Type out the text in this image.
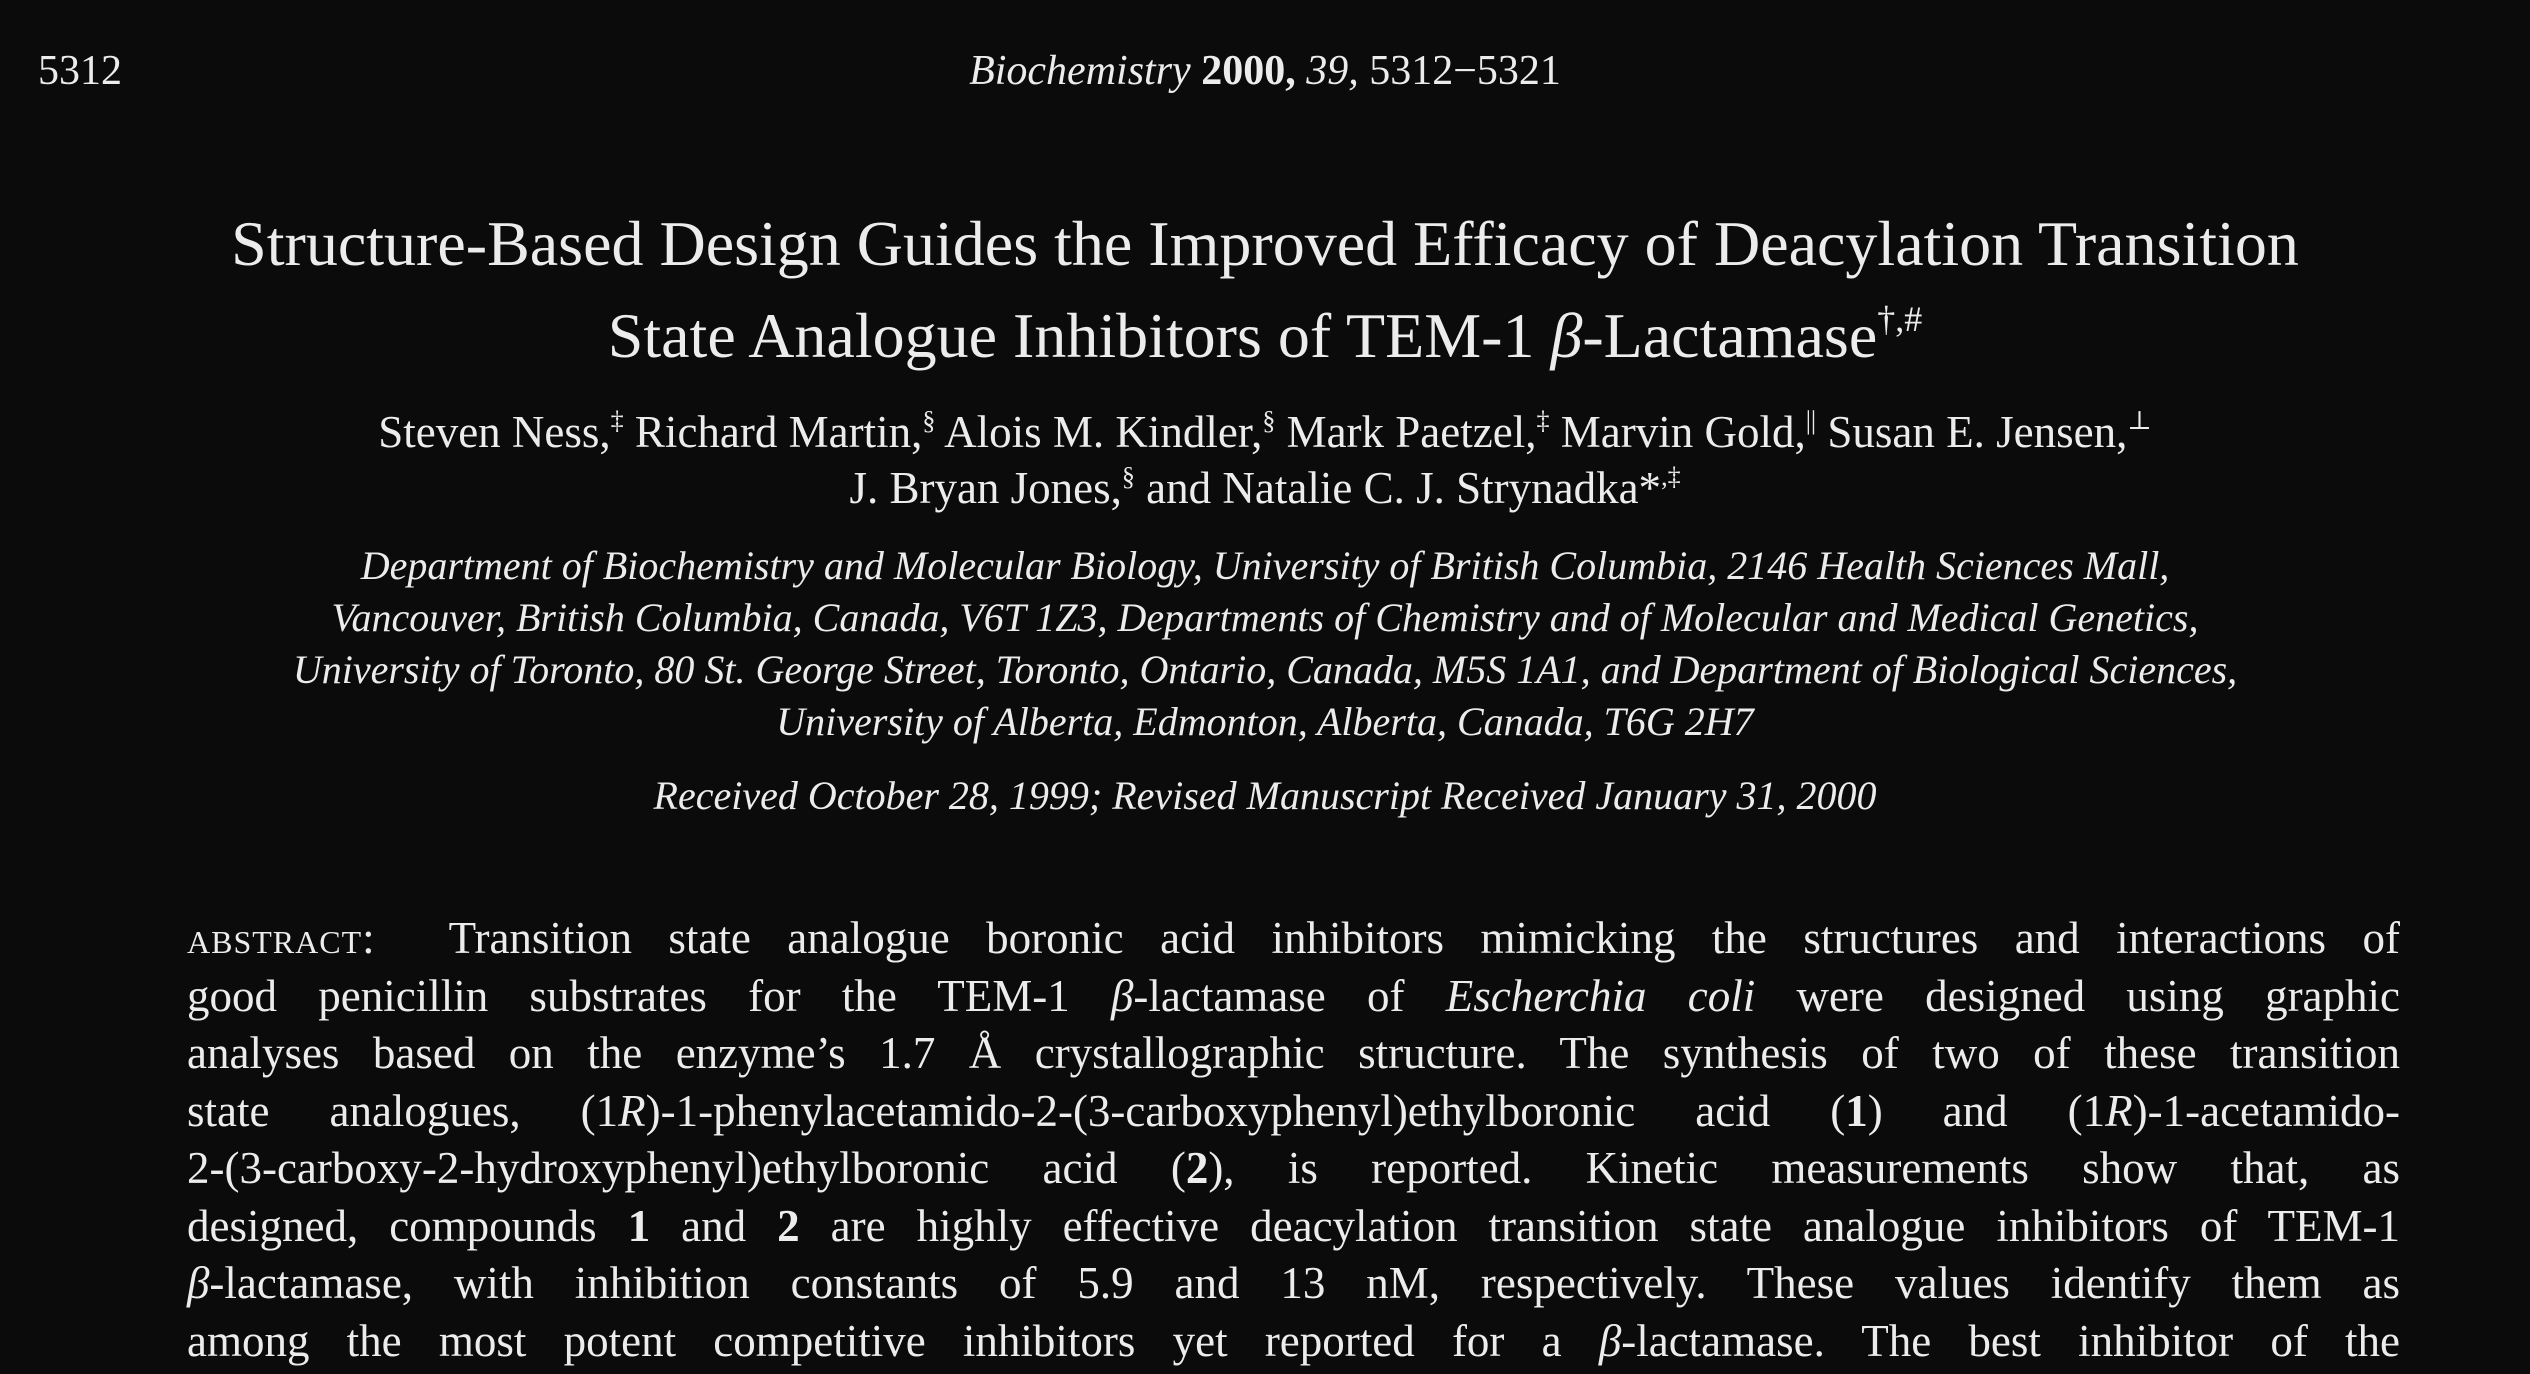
5312	Biochemistry 2000, 39, 5312−5321
Structure-Based Design Guides the Improved Efficacy of Deacylation Transition
State Analogue Inhibitors of TEM-1 β-Lactamase†,#
Steven Ness,‡ Richard Martin,§ Alois M. Kindler,§ Mark Paetzel,‡ Marvin Gold,|| Susan E. Jensen,⊥
J. Bryan Jones,§ and Natalie C. J. Strynadka*,‡
Department of Biochemistry and Molecular Biology, University of British Columbia, 2146 Health Sciences Mall,
Vancouver, British Columbia, Canada, V6T 1Z3, Departments of Chemistry and of Molecular and Medical Genetics,
University of Toronto, 80 St. George Street, Toronto, Ontario, Canada, M5S 1A1, and Department of Biological Sciences,
University of Alberta, Edmonton, Alberta, Canada, T6G 2H7
Received October 28, 1999; Revised Manuscript Received January 31, 2000
abstract: Transition state analogue boronic acid inhibitors mimicking the structures and interactions of
good penicillin substrates for the TEM-1 β-lactamase of Escherchia coli were designed using graphic
analyses based on the enzyme’s 1.7 Å crystallographic structure. The synthesis of two of these transition
state analogues, (1R)-1-phenylacetamido-2-(3-carboxyphenyl)ethylboronic acid (1) and (1R)-1-acetamido-
2-(3-carboxy-2-hydroxyphenyl)ethylboronic acid (2), is reported. Kinetic measurements show that, as
designed, compounds 1 and 2 are highly effective deacylation transition state analogue inhibitors of TEM-1
β-lactamase, with inhibition constants of 5.9 and 13 nM, respectively. These values identify them as
among the most potent competitive inhibitors yet reported for a β-lactamase. The best inhibitor of the
